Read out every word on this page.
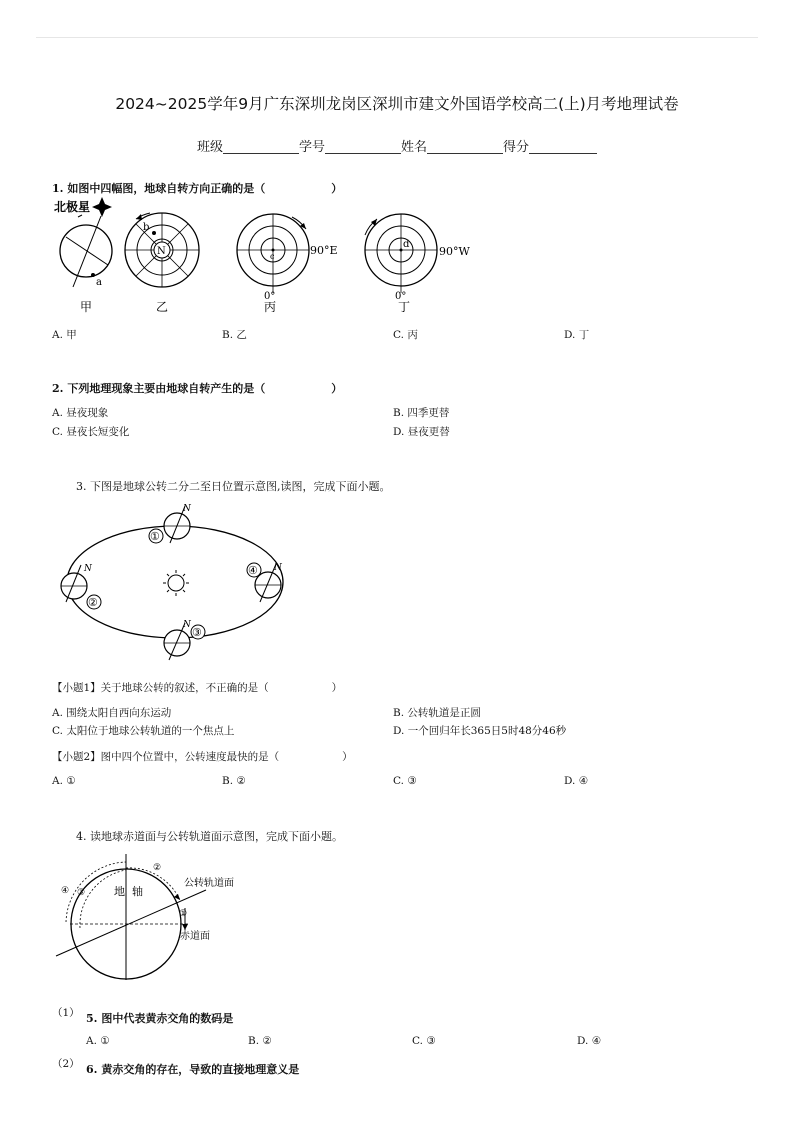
2024~2025学年9月广东深圳龙岗区深圳市建文外国语学校高二(上)月考地理试卷
班级	学号	姓名	得分
1. 如图中四幅图，地球自转方向正确的是（　　　　　　）
北极星
a
甲
N
b
乙
c	90°E
0°
丙
d
90°W
0°
丁
A. 甲	B. 乙	C. 丙	D. 丁
2. 下列地理现象主要由地球自转产生的是（　　　　　　）
A. 昼夜现象	B. 四季更替
C. 昼夜长短变化	D. 昼夜更替
3. 下图是地球公转二分二至日位置示意图,读图，完成下面小题。
N
①
N
②
N
③
N
④
【小题1】关于地球公转的叙述，不正确的是（　　　　　　）
A. 围绕太阳自西向东运动	B. 公转轨道是正圆
C. 太阳位于地球公转轨道的一个焦点上	D. 一个回归年长365日5时48分46秒
【小题2】图中四个位置中，公转速度最快的是（　　　　　　）
A. ①	B. ②	C. ③	D. ④
4. 读地球赤道面与公转轨道面示意图，完成下面小题。
地 轴
公转轨道面
赤道面
①
②
③
④
（1） 5. 图中代表黄赤交角的数码是
A. ①	B. ②	C. ③	D. ④
（2） 6. 黄赤交角的存在，导致的直接地理意义是
